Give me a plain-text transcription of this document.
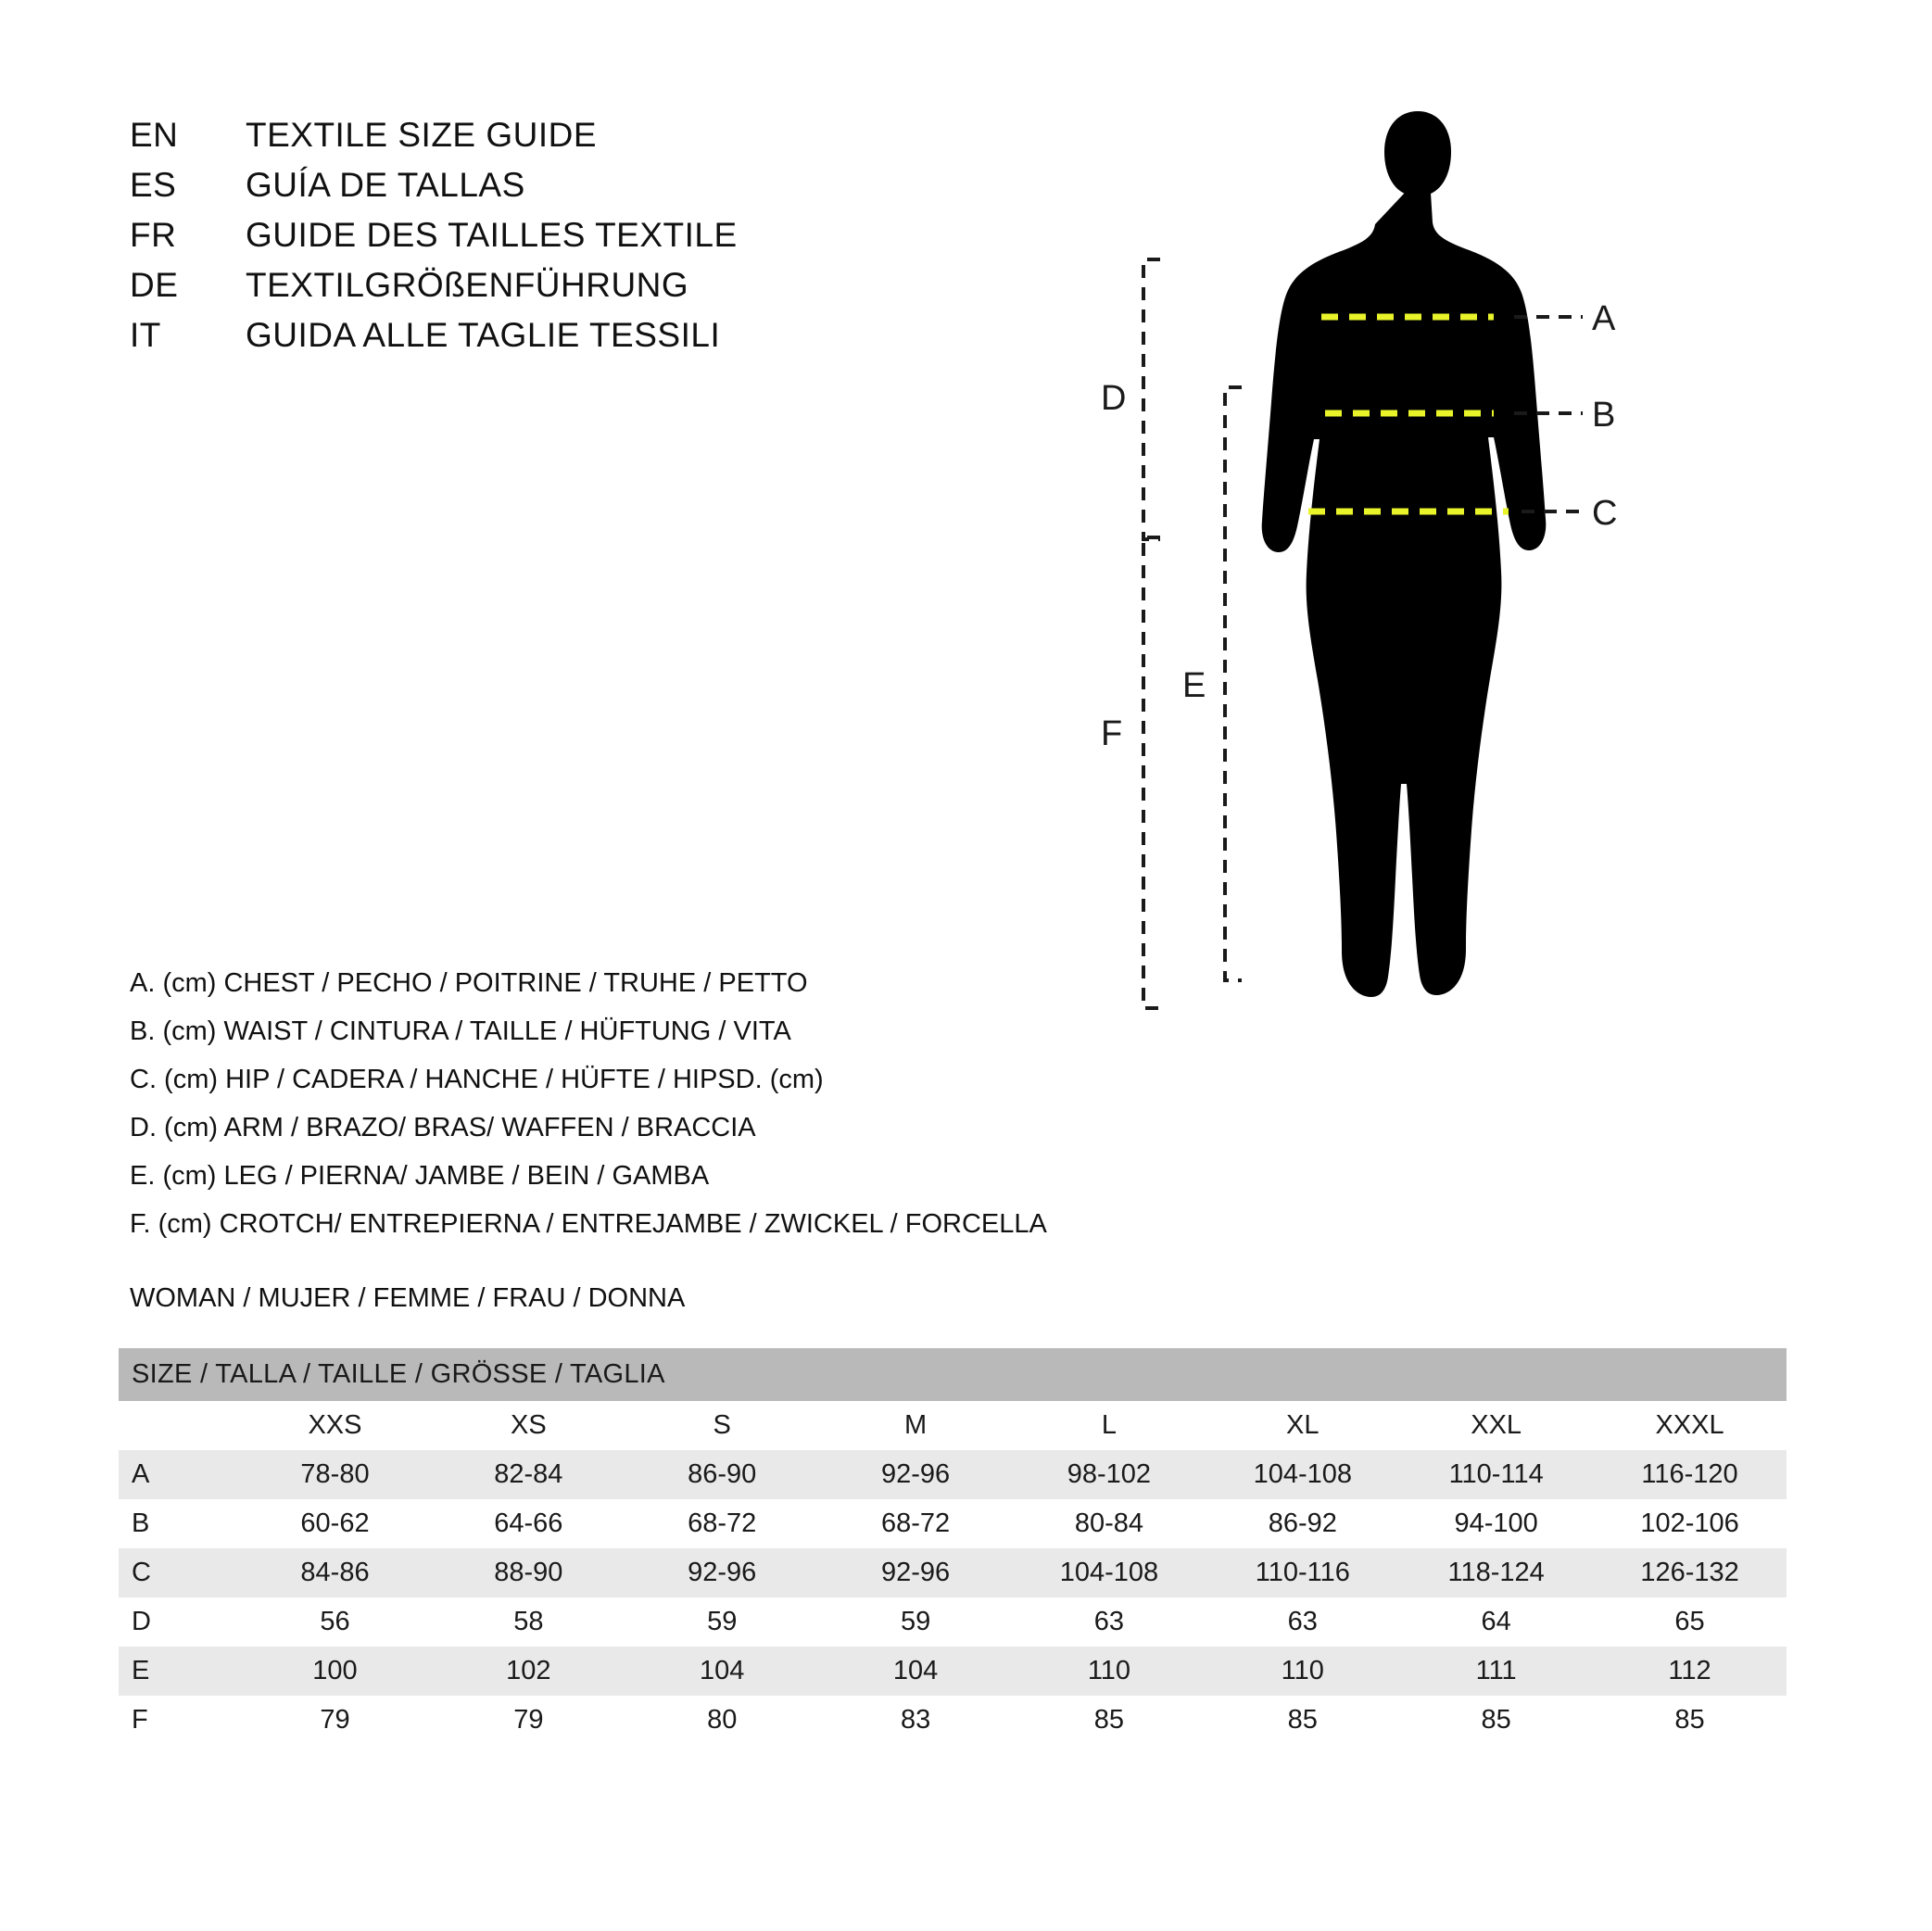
EN	TEXTILE SIZE GUIDE
ES	GUÍA DE TALLAS
FR	GUIDE DES TAILLES TEXTILE
DE	TEXTILGRÖßENFÜHRUNG
IT	GUIDA ALLE TAGLIE TESSILI	A
B
C
D
E
F
A. (cm) CHEST / PECHO / POITRINE / TRUHE / PETTO
B. (cm) WAIST / CINTURA / TAILLE / HÜFTUNG / VITA
C. (cm) HIP / CADERA / HANCHE / HÜFTE / HIPSD. (cm)
D. (cm) ARM / BRAZO/ BRAS/ WAFFEN / BRACCIA
E. (cm) LEG / PIERNA/ JAMBE / BEIN / GAMBA
F. (cm) CROTCH/ ENTREPIERNA / ENTREJAMBE / ZWICKEL / FORCELLA
WOMAN / MUJER / FEMME / FRAU / DONNA
SIZE / TALLA / TAILLE / GRÖSSE / TAGLIA
	XXS	XS	S	M	L	XL	XXL	XXXL
A	78-80	82-84	86-90	92-96	98-102	104-108	110-114	116-120
B	60-62	64-66	68-72	68-72	80-84	86-92	94-100	102-106
C	84-86	88-90	92-96	92-96	104-108	110-116	118-124	126-132
D	56	58	59	59	63	63	64	65
E	100	102	104	104	110	110	111	112
F	79	79	80	83	85	85	85	85
